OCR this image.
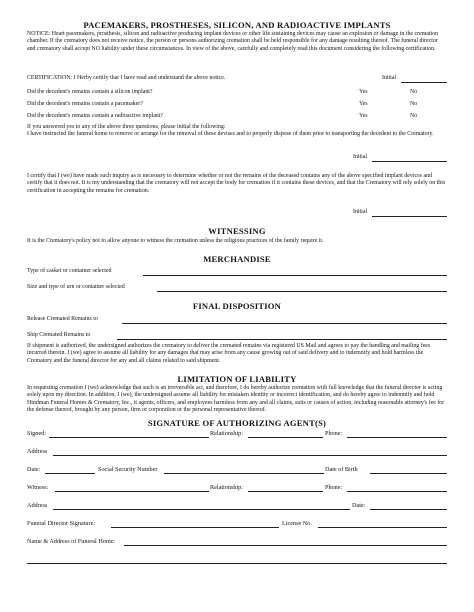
PACEMAKERS, PROSTHESES, SILICON, AND RADIOACTIVE IMPLANTS
NOTICE: Heart pacemakers, prosthesis, silicon and radioactive producing implant devices or other life sustaining devices may cause an explosion or damage in the cremation chamber. If the crematory does not receive notice, the person or persons authorizing cremation shall be held responsible for any damage resulting thereof. The funeral director and crematory shall accept NO liability under these circumstances. In view of the above, carefully and completely read this document considering the following certification.
CERTIFICATION: I Herby certify that I have read and understand the above notice.	Initial
Did the decedent's remains contain a silicon implant?	Yes	No
Did the decedent's remains contain a pacemaker?	Yes	No
Did the decedent's remains contain a radioactive implant?	Yes	No
If you answered yes to any of the above three questions, please initial the following:
I have instructed the funeral home to remove or arrange for the removal of these devises and to properly dispose of them prior to transporting the decedent to the Crematory.
Initial
I certify that I (we) have made such inquiry as is necessary to determine whether or not the remains of the deceased contains any of the above specified implant devices and certify that it does not. It is my understanding that the crematory will not accept the body for cremation if it contains these devices, and that the Crematory will rely solely on this certification in accepting the remains for cremation.
Initial
WITNESSING
It is the Crematory's policy not to allow anyone to witness the cremation unless the religious practices of the family require it.
MERCHANDISE
Type of casket or container selected
Size and type of urn or container selected
FINAL DISPOSITION
Release Cremated Remains to
Ship Cremated Remains to
If shipment is authorized, the undersigned authorizes the crematory to deliver the cremated remains via registered US Mail and agrees to pay the handling and mailing fees incurred therein. I (we) agree to assume all liability for any damages that may arise from any cause growing out of said delivery and to indemnify and hold harmless the Crematory and the funeral director for any and all claims related to said shipment.
LIMITATION OF LIABILITY
In requesting cremation I (we) acknowledge that such is an irreversible act, and therefore, I do hereby authorize cremation with full knowledge that the funeral director is acting solely upon my direction. In addition, I (we), the undersigned assume all liability for mistaken identity or incorrect identification, and do hereby agree to indemnify and hold Hindman Funeral Homes & Crematory, Inc., it agents, officers, and employees harmless from any and all claims, suits or causes of action, including reasonable attorney's fee for the defense thereof, brought by any person, firm or corporation or the personal representative thereof.
SIGNATURE OF AUTHORIZING AGENT(S)
Signed:	Relationship:	Phone:
Address
Date:	Social Security Number	Date of Birth
Witness:	Relationship:	Phone:
Address	Date:
Funeral Director Signature:	License No.
Name & Address of Funeral Home:
